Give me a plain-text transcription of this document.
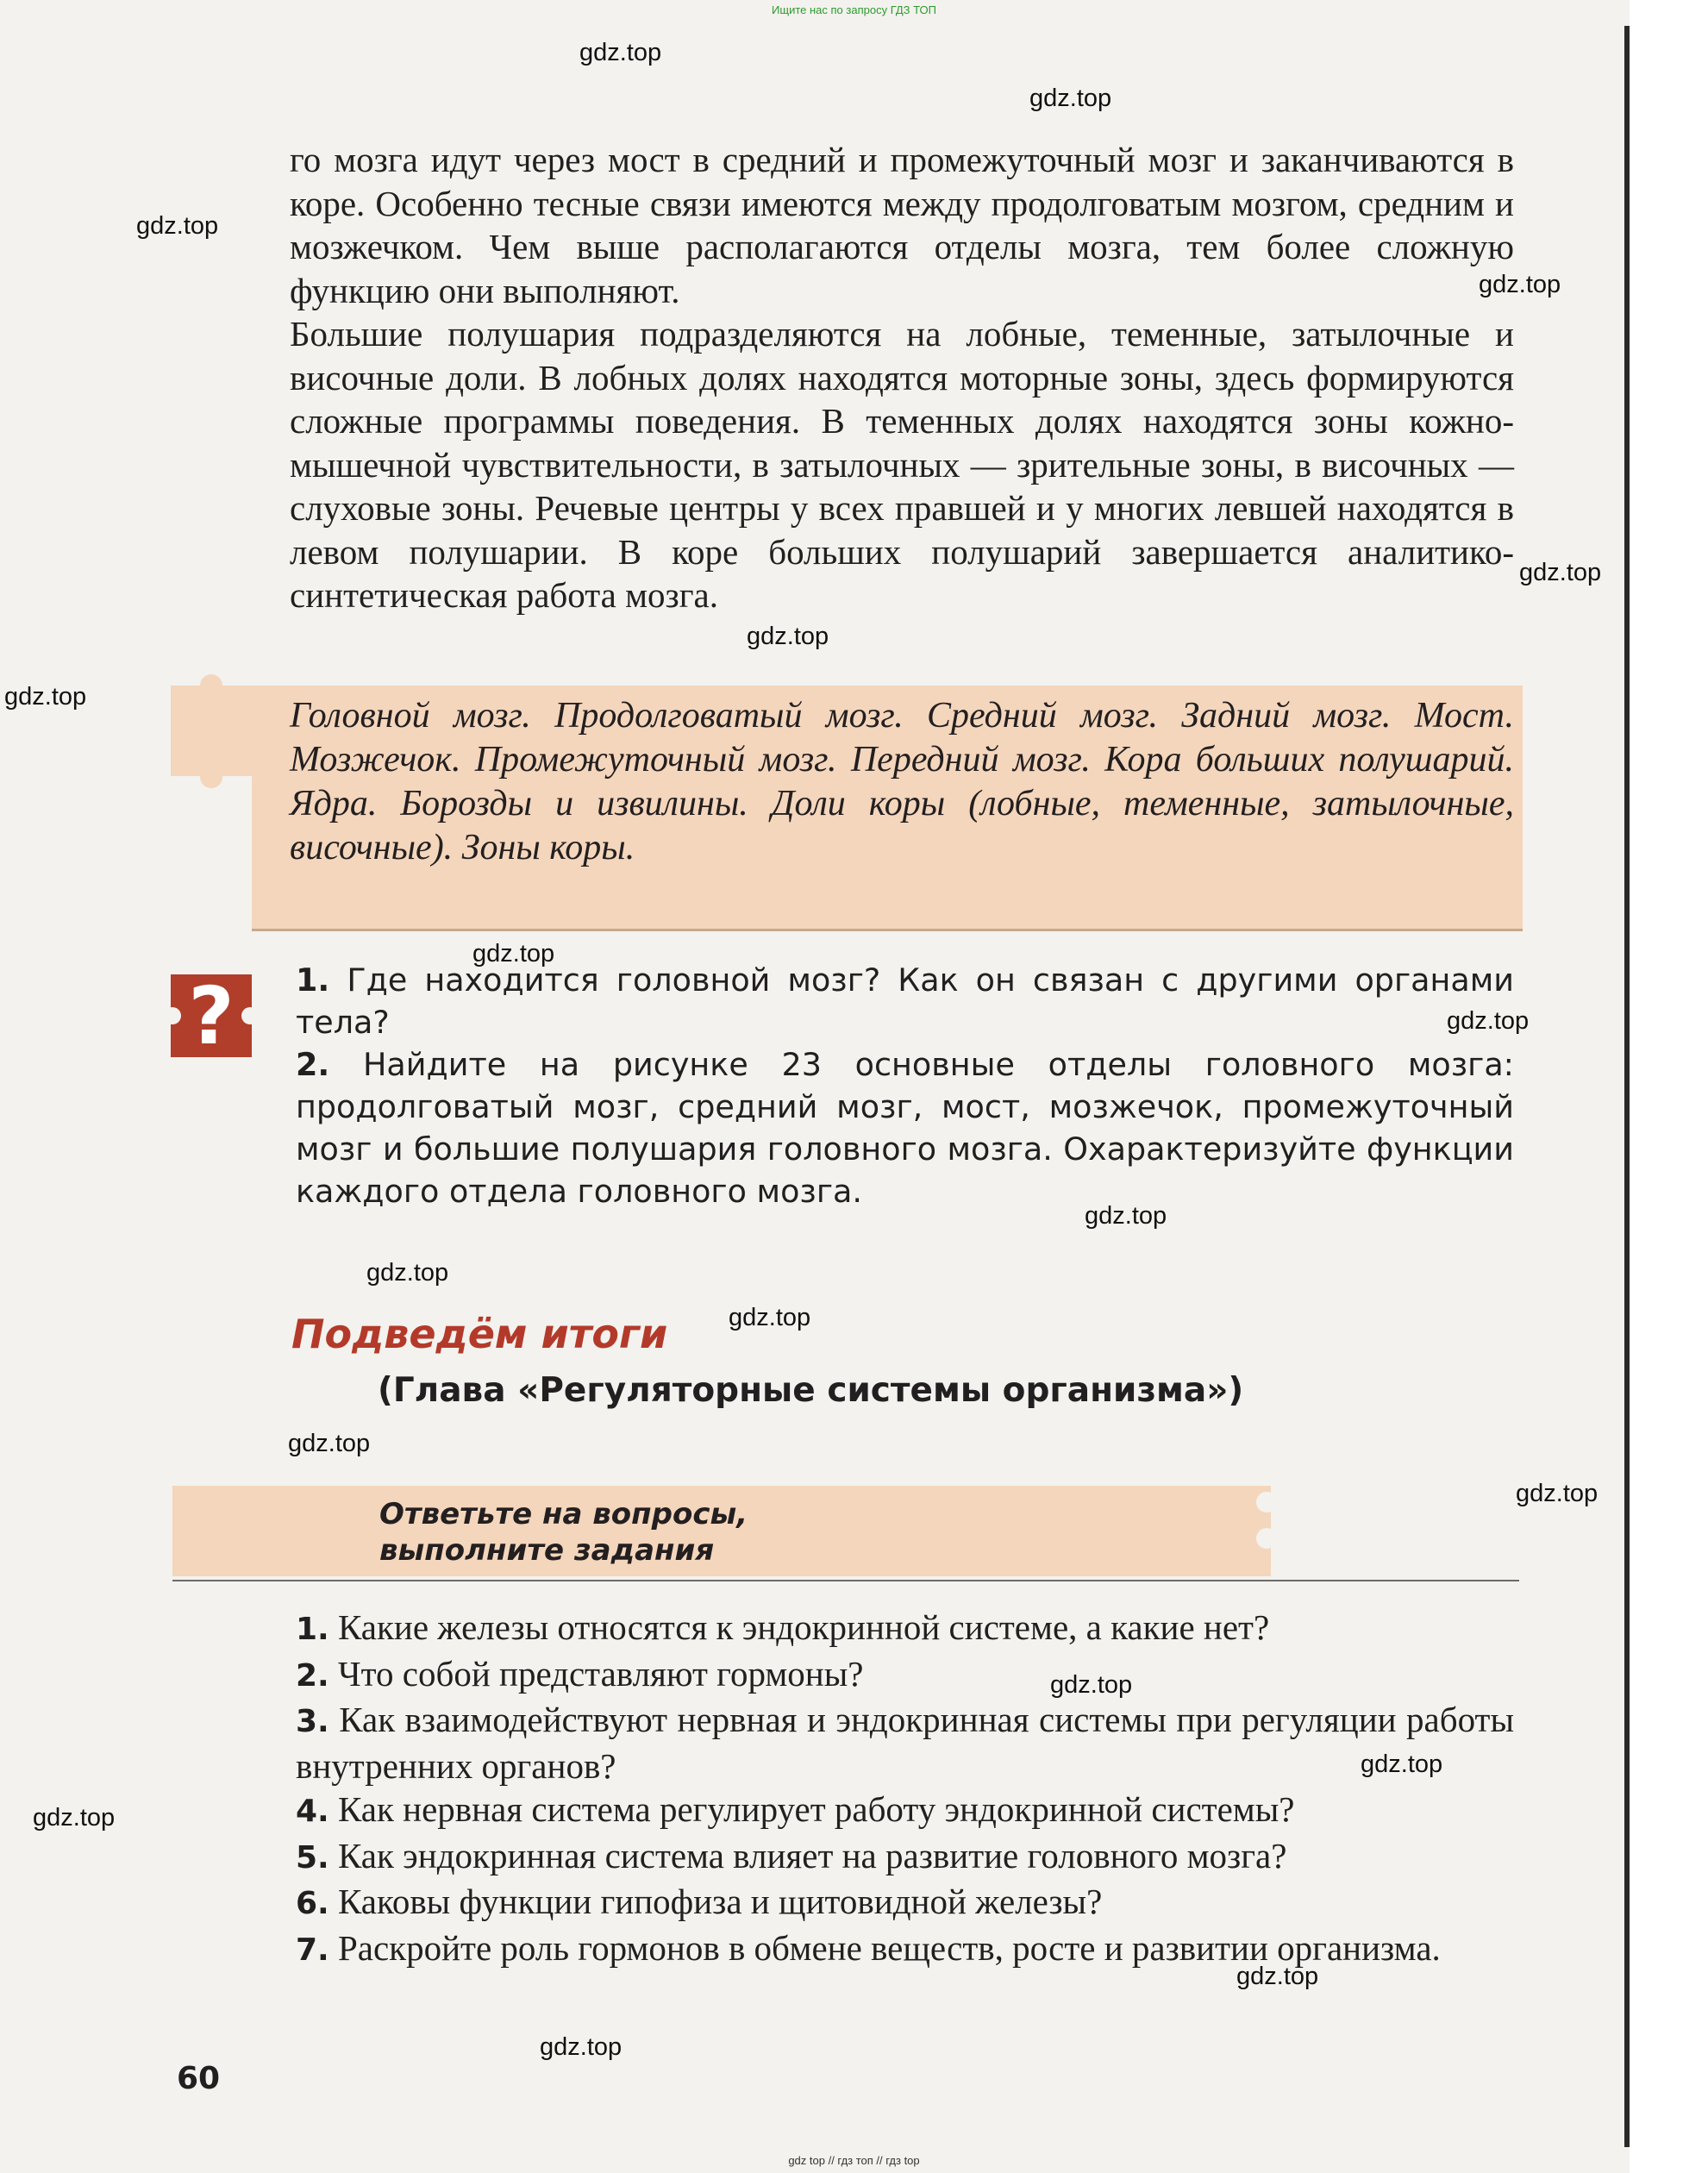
Ищите нас по запросу ГДЗ ТОП

го мозга идут через мост в средний и промежуточный мозг и заканчиваются в коре. Особенно тесные связи имеются между продолговатым мозгом, средним и мозжечком. Чем выше располагаются отделы мозга, тем более сложную функцию они выполняют.

Большие полушария подразделяются на лобные, теменные, затылочные и височные доли. В лобных долях находятся моторные зоны, здесь формируются сложные программы поведения. В теменных долях находятся зоны кожно-мышечной чувствительности, в затылочных — зрительные зоны, в височных — слуховые зоны. Речевые центры у всех правшей и у многих левшей находятся в левом полушарии. В коре больших полушарий завершается аналитико-синтетическая работа мозга.

Головной мозг. Продолговатый мозг. Средний мозг. Задний мозг. Мост. Мозжечок. Промежуточный мозг. Передний мозг. Кора больших полушарий. Ядра. Борозды и извилины. Доли коры (лобные, теменные, затылочные, височные). Зоны коры.
?	1. Где находится головной мозг? Как он связан с другими органами тела?

2. Найдите на рисунке 23 основные отделы головного мозга: продолговатый мозг, средний мозг, мост, мозжечок, промежуточный мозг и большие полушария головного мозга. Охарактеризуйте функции каждого отдела головного мозга.

Подведём итоги
(Глава «Регуляторные системы организма»)
Ответьте на вопросы,
выполните задания

1. Какие железы относятся к эндокринной системе, а какие нет?

2. Что собой представляют гормоны?

3. Как взаимодействуют нервная и эндокринная системы при регуляции работы внутренних органов?

4. Как нервная система регулирует работу эндокринной системы?

5. Как эндокринная система влияет на развитие головного мозга?

6. Каковы функции гипофиза и щитовидной железы?

7. Раскройте роль гормонов в обмене веществ, росте и развитии организма.

60
gdz.top
gdz.top
gdz.top
gdz.top
gdz.top
gdz.top
gdz.top
gdz.top
gdz.top
gdz.top
gdz.top
gdz.top
gdz.top
gdz.top
gdz.top
gdz.top
gdz.top
gdz.top
gdz.top
gdz top // гдз топ // гдз top
